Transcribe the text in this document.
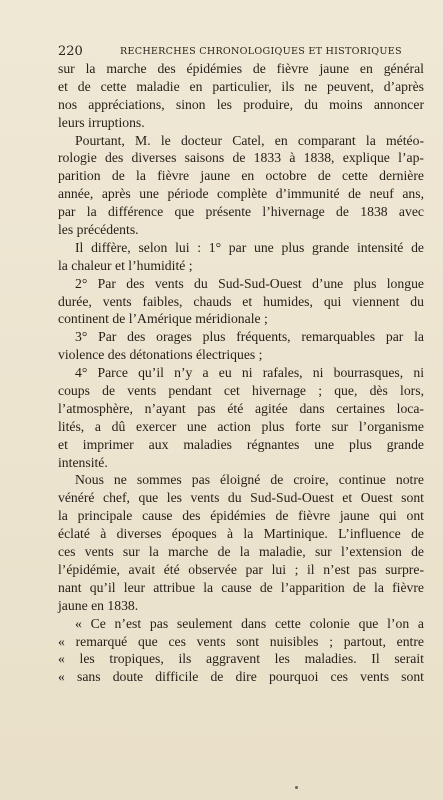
220	RECHERCHES CHRONOLOGIQUES ET HISTORIQUES
sur la marche des épidémies de fièvre jaune en général
et de cette maladie en particulier, ils ne peuvent, d’après
nos appréciations, sinon les produire, du moins annoncer
leurs irruptions.
Pourtant, M. le docteur Catel, en comparant la météo-
rologie des diverses saisons de 1833 à 1838, explique l’ap-
parition de la fièvre jaune en octobre de cette dernière
année, après une période complète d’immunité de neuf ans,
par la différence que présente l’hivernage de 1838 avec
les précédents.
Il diffère, selon lui : 1° par une plus grande intensité de
la chaleur et l’humidité ;
2° Par des vents du Sud-Sud-Ouest d’une plus longue
durée, vents faibles, chauds et humides, qui viennent du
continent de l’Amérique méridionale ;
3° Par des orages plus fréquents, remarquables par la
violence des détonations électriques ;
4° Parce qu’il n’y a eu ni rafales, ni bourrasques, ni
coups de vents pendant cet hivernage ; que, dès lors,
l’atmosphère, n’ayant pas été agitée dans certaines loca-
lités, a dû exercer une action plus forte sur l’organisme
et imprimer aux maladies régnantes une plus grande
intensité.
Nous ne sommes pas éloigné de croire, continue notre
vénéré chef, que les vents du Sud-Sud-Ouest et Ouest sont
la principale cause des épidémies de fièvre jaune qui ont
éclaté à diverses époques à la Martinique. L’influence de
ces vents sur la marche de la maladie, sur l’extension de
l’épidémie, avait été observée par lui ; il n’est pas surpre-
nant qu’il leur attribue la cause de l’apparition de la fièvre
jaune en 1838.
« Ce n’est pas seulement dans cette colonie que l’on a
« remarqué que ces vents sont nuisibles ; partout, entre
« les tropiques, ils aggravent les maladies. Il serait
« sans doute difficile de dire pourquoi ces vents sont
